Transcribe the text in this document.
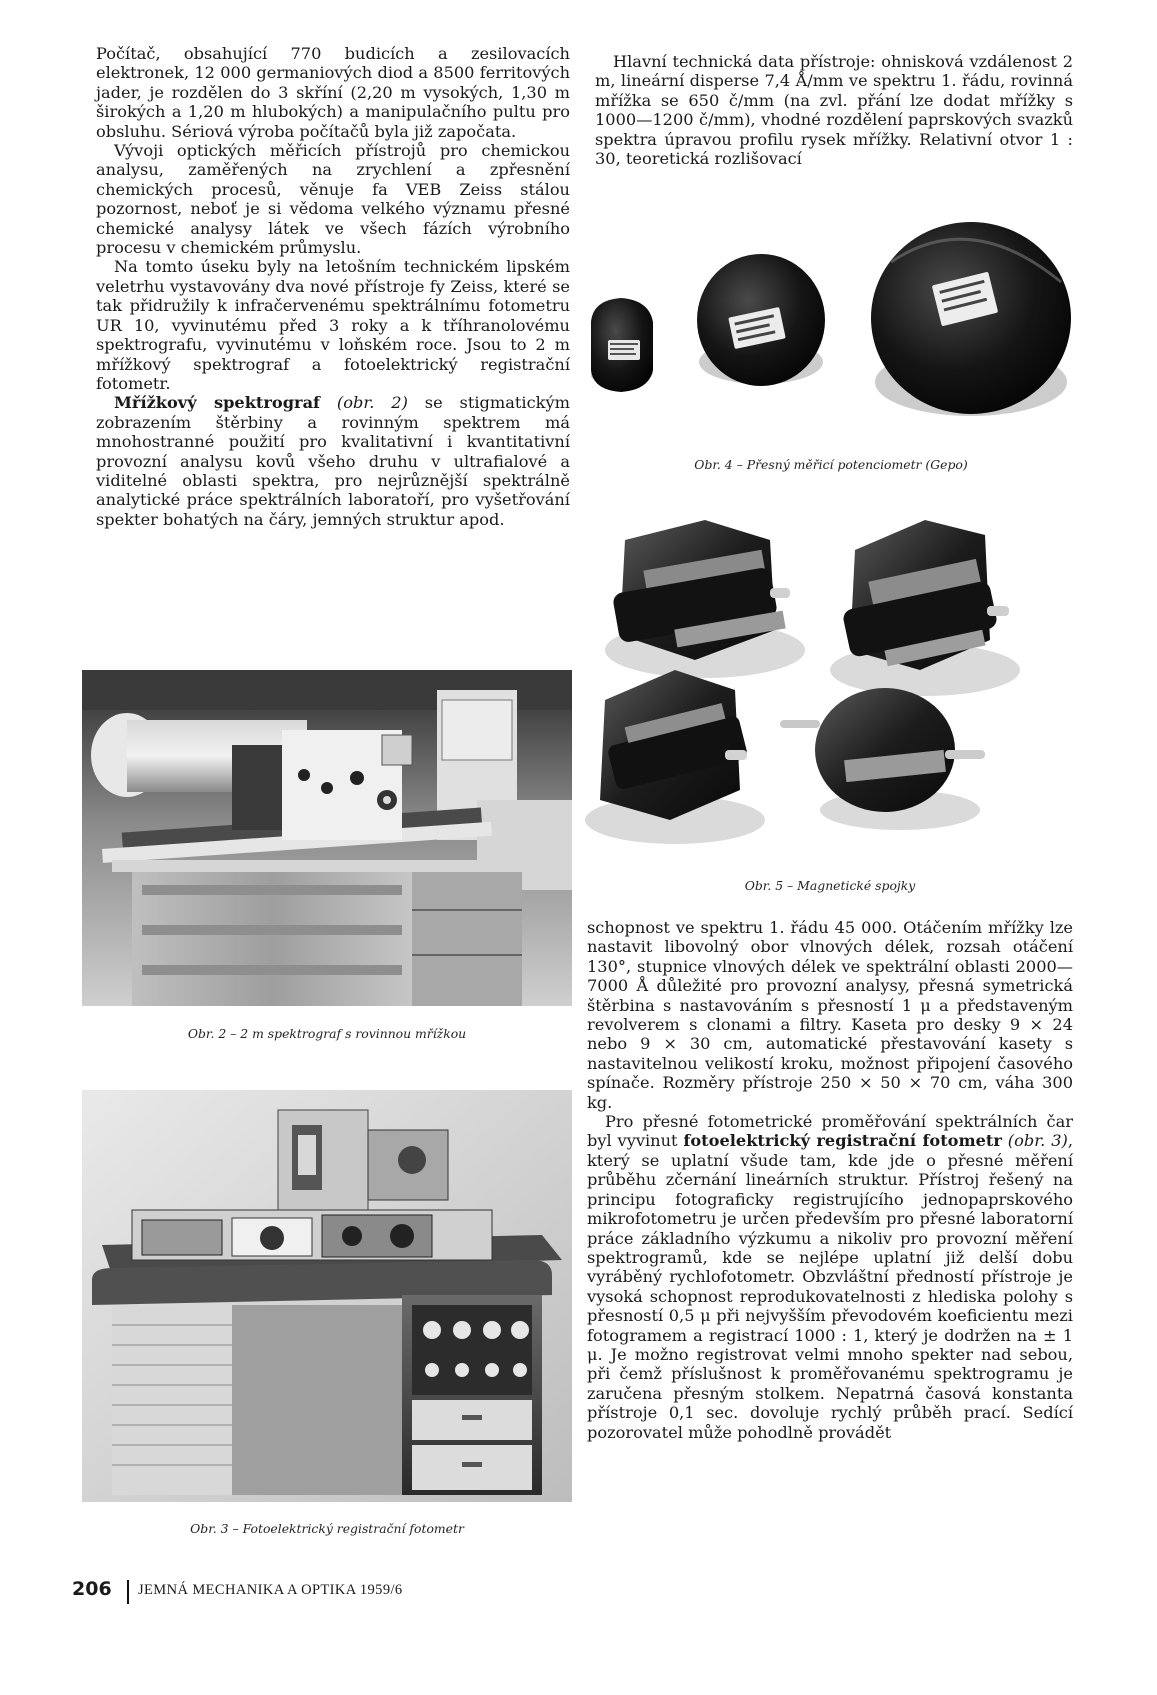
Počítač, obsahující 770 budicích a zesilovacích elektronek, 12 000 germaniových diod a 8500 ferritových jader, je rozdělen do 3 skříní (2,20 m vysokých, 1,30 m širokých a 1,20 m hlubokých) a manipulačního pultu pro obsluhu. Sériová výroba počítačů byla již započata.

Vývoji optických měřicích přístrojů pro chemickou analysu, zaměřených na zrychlení a zpřesnění chemických procesů, věnuje fa VEB Zeiss stálou pozornost, neboť je si vědoma velkého významu přesné chemické analysy látek ve všech fázích výrobního procesu v chemickém průmyslu.

Na tomto úseku byly na letošním technickém lipském veletrhu vystavovány dva nové přístroje fy Zeiss, které se tak přidružily k infračervenému spektrálnímu fotometru UR 10, vyvinutému před 3 roky a k tříhranolovému spektrografu, vyvinutému v loňském roce. Jsou to 2 m mřížkový spektrograf a fotoelektrický registrační fotometr.

Mřížkový spektrograf (obr. 2) se stigmatickým zobrazením štěrbiny a rovinným spektrem má mnohostranné použití pro kvalitativní i kvantitativní provozní analysu kovů všeho druhu v ultrafialové a viditelné oblasti spektra, pro nejrůznější spektrálně analytické práce spektrálních laboratoří, pro vyšetřování spekter bohatých na čáry, jemných struktur apod.

Hlavní technická data přístroje: ohnisková vzdálenost 2 m, lineární disperse 7,4 Å/mm ve spektru 1. řádu, rovinná mřížka se 650 č/mm (na zvl. přání lze dodat mřížky s 1000—1200 č/mm), vhodné rozdělení paprskových svazků spektra úpravou profilu rysek mřížky. Relativní otvor 1 : 30, teoretická rozlišovací

Obr. 4 – Přesný měřicí potenciometr (Gepo)
Obr. 5 – Magnetické spojky

schopnost ve spektru 1. řádu 45 000. Otáčením mřížky lze nastavit libovolný obor vlnových délek, rozsah otáčení 130°, stupnice vlnových délek ve spektrální oblasti 2000—7000 Å důležité pro provozní analysy, přesná symetrická štěrbina s nastavováním s přesností 1 μ a představeným revolverem s clonami a filtry. Kaseta pro desky 9 × 24 nebo 9 × 30 cm, automatické přestavování kasety s nastavitelnou velikostí kroku, možnost připojení časového spínače. Rozměry přístroje 250 × 50 × 70 cm, váha 300 kg.

Pro přesné fotometrické proměřování spektrálních čar byl vyvinut fotoelektrický registrační fotometr (obr. 3), který se uplatní všude tam, kde jde o přesné měření průběhu zčernání lineárních struktur. Přístroj řešený na principu fotograficky registrujícího jednopaprskového mikrofotometru je určen především pro přesné laboratorní práce základního výzkumu a nikoliv pro provozní měření spektrogramů, kde se nejlépe uplatní již delší dobu vyráběný rychlofotometr. Obzvláštní předností přístroje je vysoká schopnost reprodukovatelnosti z hlediska polohy s přesností 0,5 μ při nejvyšším převodovém koeficientu mezi fotogramem a registrací 1000 : 1, který je dodržen na ± 1 μ. Je možno registrovat velmi mnoho spekter nad sebou, při čemž příslušnost k proměřovanému spektrogramu je zaručena přesným stolkem. Nepatrná časová konstanta přístroje 0,1 sec. dovoluje rychlý průběh prací. Sedící pozorovatel může pohodlně provádět

Obr. 2 – 2 m spektrograf s rovinnou mřížkou
Obr. 3 – Fotoelektrický registrační fotometr
206 JEMNÁ MECHANIKA A OPTIKA 1959/6
